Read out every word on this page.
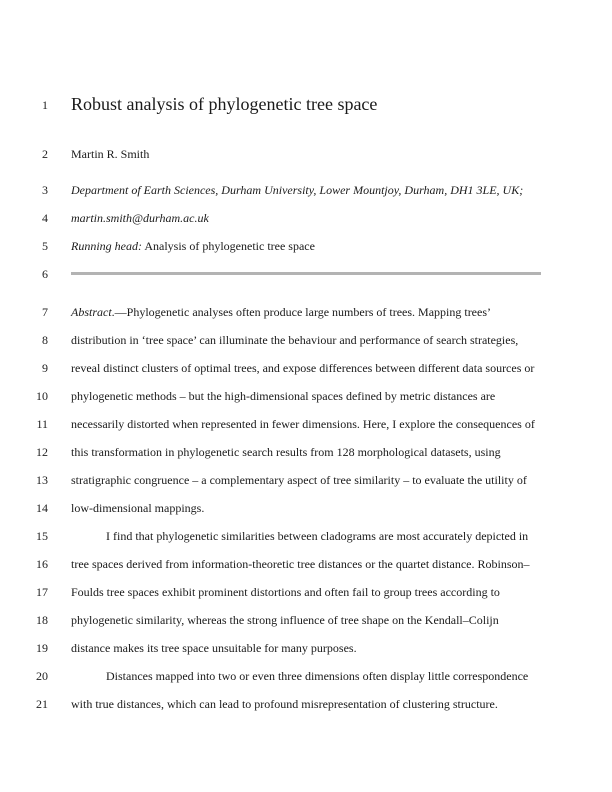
1
2
3
4
5
6
7
8
9
10
11
12
13
14
15
16
17
18
19
20
21
Robust analysis of phylogenetic tree space
Martin R. Smith
Department of Earth Sciences, Durham University, Lower Mountjoy, Durham, DH1 3LE, UK;
martin.smith@durham.ac.uk
Running head: Analysis of phylogenetic tree space
Abstract.—Phylogenetic analyses often produce large numbers of trees. Mapping trees’
distribution in ‘tree space’ can illuminate the behaviour and performance of search strategies,
reveal distinct clusters of optimal trees, and expose differences between different data sources or
phylogenetic methods – but the high-dimensional spaces defined by metric distances are
necessarily distorted when represented in fewer dimensions. Here, I explore the consequences of
this transformation in phylogenetic search results from 128 morphological datasets, using
stratigraphic congruence – a complementary aspect of tree similarity – to evaluate the utility of
low-dimensional mappings.
I find that phylogenetic similarities between cladograms are most accurately depicted in
tree spaces derived from information-theoretic tree distances or the quartet distance. Robinson–
Foulds tree spaces exhibit prominent distortions and often fail to group trees according to
phylogenetic similarity, whereas the strong influence of tree shape on the Kendall–Colijn
distance makes its tree space unsuitable for many purposes.
Distances mapped into two or even three dimensions often display little correspondence
with true distances, which can lead to profound misrepresentation of clustering structure.
